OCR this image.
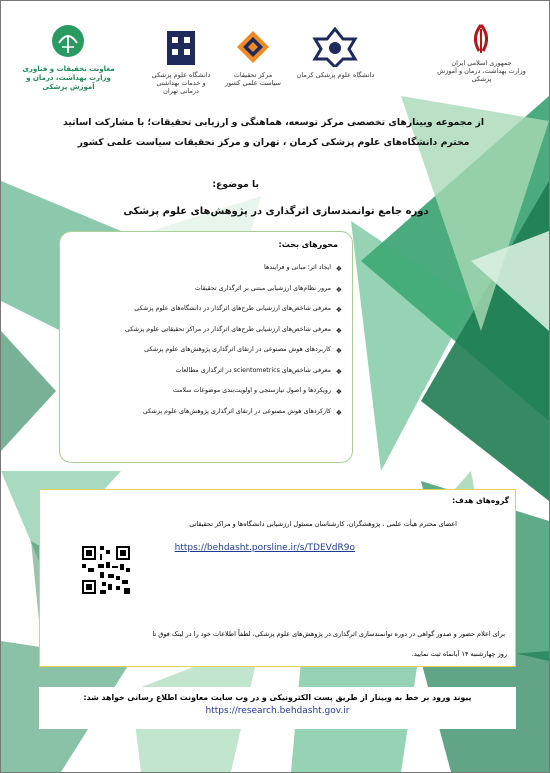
معاونت تحقیقات و فناوری
وزارت بهداشت، درمان و آموزش پزشکی
دانشگاه علوم پزشکی
و خدمات بهداشتی درمانی تهران
مرکز تحقیقات سیاست علمی کشور
دانشگاه علوم پزشکی کرمان
جمهوری اسلامی ایران
وزارت بهداشت، درمان و آموزش پزشکی
از مجموعه وبینارهای تخصصی مرکز توسعه، هماهنگی و ارزیابی تحقیقات؛ با مشارکت اساتید
محترم دانشگاه‌های علوم پزشکی کرمان ، تهران و مرکز تحقیقات سیاست علمی کشور
با موضوع:
دوره جامع توانمندسازی اثرگذاری در پژوهش‌های علوم پزشکی
محورهای بحث:
❖
ایجاد اثر؛ مبانی و فرایندها
❖
مرور نظام‌های ارزشیابی مبتنی بر اثرگذاری تحقیقات
❖
معرفی شاخص‌های ارزشیابی طرح‌های اثرگذار در دانشگاه‌های علوم پزشکی
❖
معرفی شاخص‌های ارزشیابی طرح‌های اثرگذار در مراکز تحقیقاتی علوم پزشکی
❖
کاربردهای هوش مصنوعی در ارتقای اثرگذاری پژوهش‌های علوم پزشکی
❖
معرفی شاخص‌های scientometrics در اثرگذاری مطالعات
❖
رویکردها و اصول نیازسنجی و اولویت‌بندی موضوعات سلامت
❖
کارکردهای هوش مصنوعی در ارتقای اثرگذاری پژوهش‌های علوم پزشکی
گروه‌های هدف:
اعضای محترم هیأت علمی ، پژوهشگران، کارشناسان مسئول ارزشیابی دانشگاه‌ها و مراکز تحقیقاتی
https://behdasht.porsline.ir/s/TDEVdR9o
برای اعلام حضور و صدور گواهی در دوره توانمندسازی اثرگذاری در پژوهش‌های علوم پزشکی، لطفاً اطلاعات خود را در لینک فوق تا
روز چهارشنبه ۱۴ آبانماه ثبت نمایید.
پیوند ورود بر خط به وبینار از طریق پست الکترونیکی و در وب سایت معاونت اطلاع رسانی خواهد شد:
https://research.behdasht.gov.ir
